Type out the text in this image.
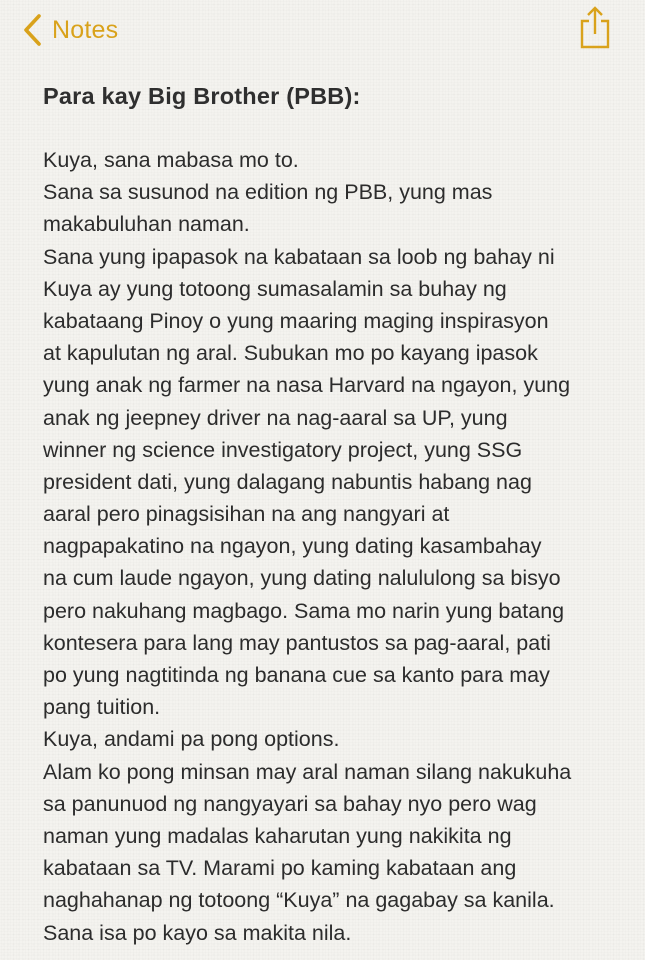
Notes
Para kay Big Brother (PBB):
Kuya, sana mabasa mo to.
Sana sa susunod na edition ng PBB, yung mas
makabuluhan naman.
Sana yung ipapasok na kabataan sa loob ng bahay ni
Kuya ay yung totoong sumasalamin sa buhay ng
kabataang Pinoy o yung maaring maging inspirasyon
at kapulutan ng aral. Subukan mo po kayang ipasok
yung anak ng farmer na nasa Harvard na ngayon, yung
anak ng jeepney driver na nag-aaral sa UP, yung
winner ng science investigatory project, yung SSG
president dati, yung dalagang nabuntis habang nag
aaral pero pinagsisihan na ang nangyari at
nagpapakatino na ngayon, yung dating kasambahay
na cum laude ngayon, yung dating nalululong sa bisyo
pero nakuhang magbago. Sama mo narin yung batang
kontesera para lang may pantustos sa pag-aaral, pati
po yung nagtitinda ng banana cue sa kanto para may
pang tuition.
Kuya, andami pa pong options.
Alam ko pong minsan may aral naman silang nakukuha
sa panunuod ng nangyayari sa bahay nyo pero wag
naman yung madalas kaharutan yung nakikita ng
kabataan sa TV. Marami po kaming kabataan ang
naghahanap ng totoong “Kuya” na gagabay sa kanila.
Sana isa po kayo sa makita nila.
